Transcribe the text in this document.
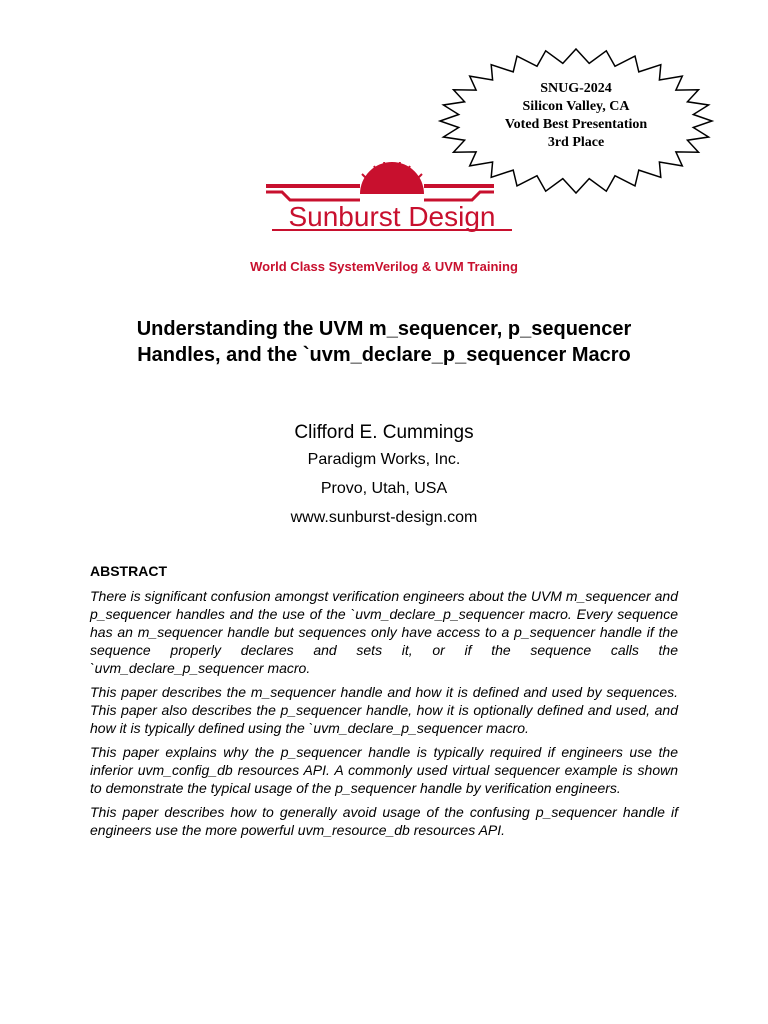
SNUG-2024
Silicon Valley, CA
Voted Best Presentation
3rd Place
Sunburst Design
World Class SystemVerilog & UVM Training
Understanding the UVM m_sequencer, p_sequencer
Handles, and the `uvm_declare_p_sequencer Macro
Clifford E. Cummings
Paradigm Works, Inc.
Provo, Utah, USA
www.sunburst-design.com
ABSTRACT

There is significant confusion amongst verification engineers about the UVM m_sequencer and p_sequencer handles and the use of the `uvm_declare_p_sequencer macro. Every sequence has an m_sequencer handle but sequences only have access to a p_sequencer handle if the sequence properly declares and sets it, or if the sequence calls the `uvm_declare_p_sequencer macro.

This paper describes the m_sequencer handle and how it is defined and used by sequences. This paper also describes the p_sequencer handle, how it is optionally defined and used, and how it is typically defined using the `uvm_declare_p_sequencer macro.

This paper explains why the p_sequencer handle is typically required if engineers use the inferior uvm_config_db resources API. A commonly used virtual sequencer example is shown to demonstrate the typical usage of the p_sequencer handle by verification engineers.

This paper describes how to generally avoid usage of the confusing p_sequencer handle if engineers use the more powerful uvm_resource_db resources API.
